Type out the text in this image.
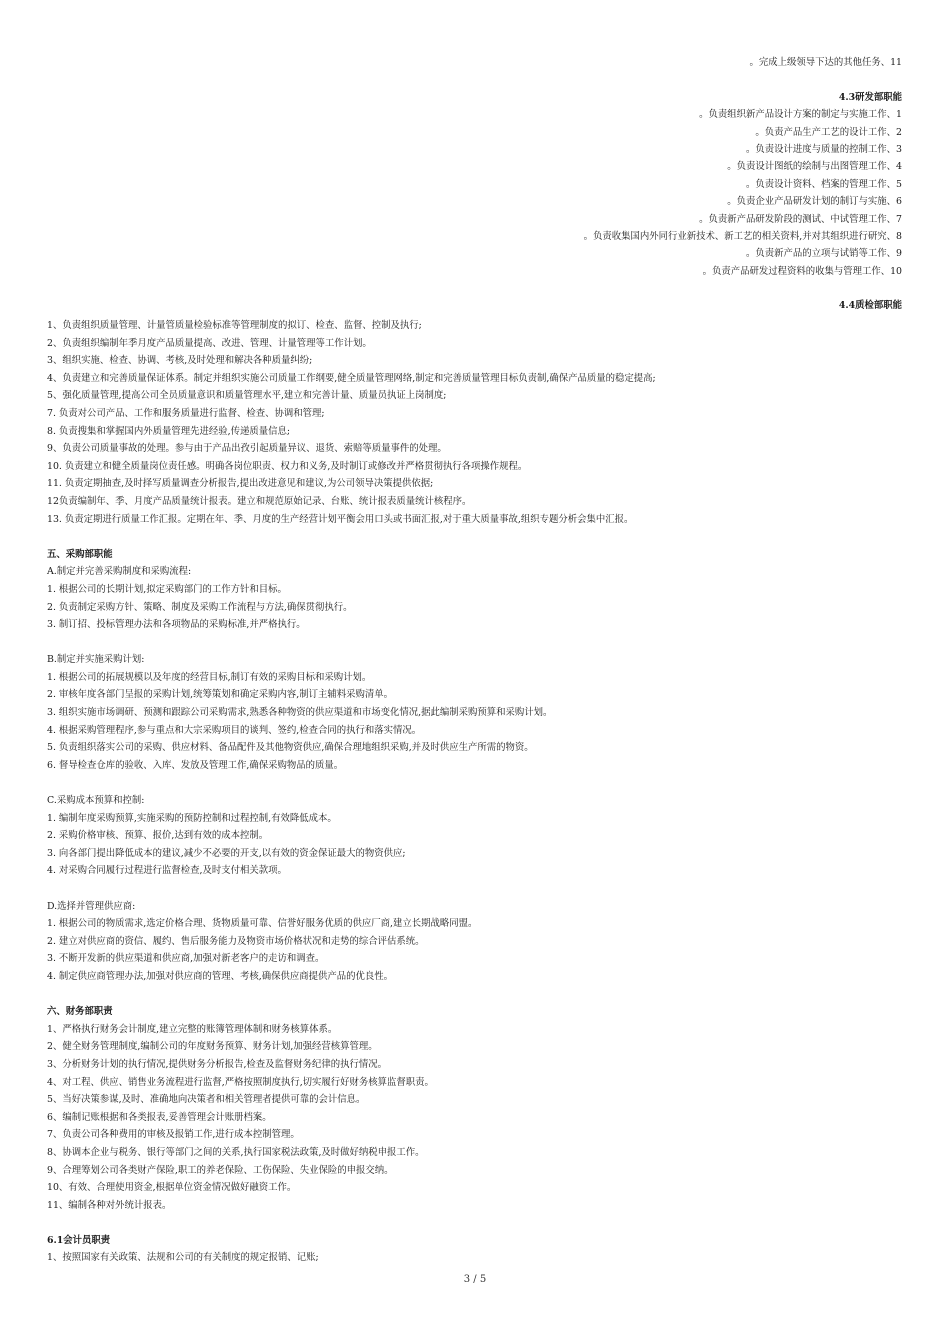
。完成上级领导下达的其他任务、11
4.3研发部职能
。负责组织新产品设计方案的制定与实施工作、1
。负责产品生产工艺的设计工作、2
。负责设计进度与质量的控制工作、3
。负责设计图纸的绘制与出图管理工作、4
。负责设计资料、档案的管理工作、5
。负责企业产品研发计划的制订与实施、6
。负责新产品研发阶段的测试、中试管理工作、7
。负责收集国内外同行业新技术、新工艺的相关资料,并对其组织进行研究、8
。负责新产品的立项与试销等工作、9
。负责产品研发过程资料的收集与管理工作、10
4.4质检部职能
1、负责组织质量管理、计量管质量检验标准等管理制度的拟订、检查、监督、控制及执行;
2、负责组织编制年季月度产品质量提高、改进、管理、计量管理等工作计划。
3、组织实施、检查、协调、考核,及时处理和解决各种质量纠纷;
4、负责建立和完善质量保证体系。制定并组织实施公司质量工作纲要,健全质量管理网络,制定和完善质量管理目标负责制,确保产品质量的稳定提高;
5、强化质量管理,提高公司全员质量意识和质量管理水平,建立和完善计量、质量员执证上岗制度;
7. 负责对公司产品、工作和服务质量进行监督、检查、协调和管理;
8. 负责搜集和掌握国内外质量管理先进经验,传递质量信息;
9、负责公司质量事故的处理。参与由于产品出孜引起质量异议、退货、索赔等质量事件的处理。
10. 负责建立和健全质量岗位责任感。明确各岗位职责、权力和义务,及时制订或修改并严格贯彻执行各项操作规程。
11. 负责定期抽查,及时择写质量调查分析报告,提出改进意见和建议,为公司领导决策提供依据;
12负责编制年、季、月度产品质量统计报表。建立和规范原始记录、台账、统计报表质量统计核程序。
13. 负责定期进行质量工作汇报。定期在年、季、月度的生产经营计划平衡会用口头或书面汇报,对于重大质量事故,组织专题分析会集中汇报。
五、采购部职能
A.制定并完善采购制度和采购流程:
1. 根据公司的长期计划,拟定采购部门的工作方针和目标。
2. 负责制定采购方针、策略、制度及采购工作流程与方法,确保贯彻执行。
3. 制订招、投标管理办法和各项物品的采购标准,并严格执行。
B.制定并实施采购计划:
1. 根据公司的拓展规模以及年度的经营目标,制订有效的采购目标和采购计划。
2. 审核年度各部门呈报的采购计划,统筹策划和确定采购内容,制订主辅料采购清单。
3. 组织实施市场调研、预测和跟踪公司采购需求,熟悉各种物资的供应渠道和市场变化情况,据此编制采购预算和采购计划。
4. 根据采购管理程序,参与重点和大宗采购项目的谈判、签约,检查合同的执行和落实情况。
5. 负责组织落实公司的采购、供应材料、备品配件及其他物资供应,确保合理地组织采购,并及时供应生产所需的物资。
6. 督导检查仓库的验收、入库、发放及管理工作,确保采购物品的质量。
C.采购成本预算和控制:
1. 编制年度采购预算,实施采购的预防控制和过程控制,有效降低成本。
2. 采购价格审核、预算、报价,达到有效的成本控制。
3. 向各部门提出降低成本的建议,减少不必要的开支,以有效的资金保证最大的物资供应;
4. 对采购合同履行过程进行监督检查,及时支付相关款项。
D.选择并管理供应商:
1. 根据公司的物质需求,选定价格合理、货物质量可靠、信誉好服务优质的供应厂商,建立长期战略同盟。
2. 建立对供应商的资信、履约、售后服务能力及物资市场价格状况和走势的综合评估系统。
3. 不断开发新的供应渠道和供应商,加强对新老客户的走访和调查。
4. 制定供应商管理办法,加强对供应商的管理、考核,确保供应商提供产品的优良性。
六、财务部职责
1、严格执行财务会计制度,建立完整的账簿管理体制和财务核算体系。
2、健全财务管理制度,编制公司的年度财务预算、财务计划,加强经营核算管理。
3、分析财务计划的执行情况,提供财务分析报告,检查及监督财务纪律的执行情况。
4、对工程、供应、销售业务流程进行监督,严格按照制度执行,切实履行好财务核算监督职责。
5、当好决策参谋,及时、准确地向决策者和相关管理者提供可靠的会计信息。
6、编制记账根据和各类报表,妥善管理会计账册档案。
7、负责公司各种费用的审核及报销工作,进行成本控制管理。
8、协调本企业与税务、银行等部门之间的关系,执行国家税法政策,及时做好纳税申报工作。
9、合理筹划公司各类财产保险,职工的养老保险、工伤保险、失业保险的申报交纳。
10、有效、合理使用资金,根据单位资金情况做好融资工作。
11、编制各种对外统计报表。
6.1会计员职责
1、按照国家有关政策、法规和公司的有关制度的规定报销、记账;
3 / 5
